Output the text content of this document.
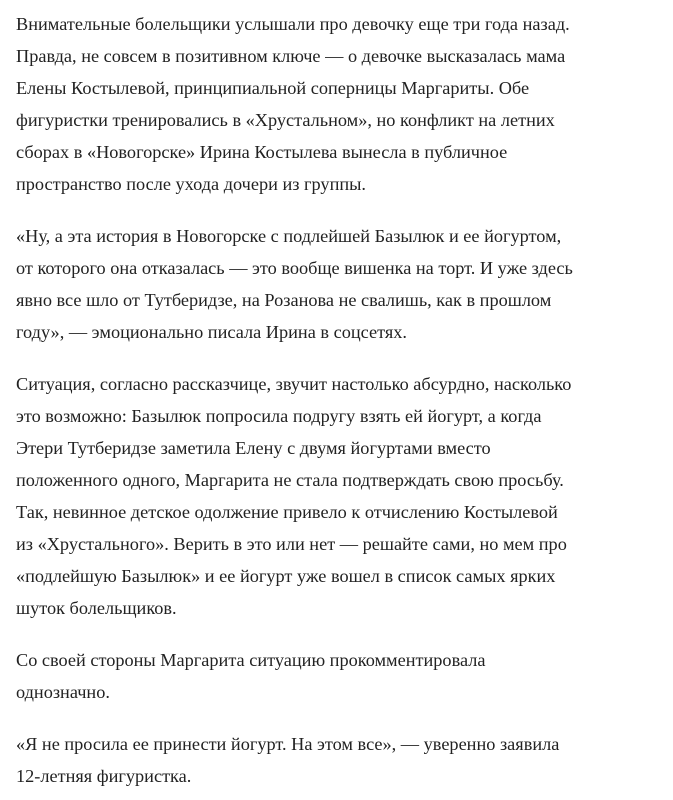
Внимательные болельщики услышали про девочку еще три года назад.
Правда, не совсем в позитивном ключе — о девочке высказалась мама
Елены Костылевой, принципиальной соперницы Маргариты. Обе
фигуристки тренировались в «Хрустальном», но конфликт на летних
сборах в «Новогорске» Ирина Костылева вынесла в публичное
пространство после ухода дочери из группы.

«Ну, а эта история в Новогорске с подлейшей Базылюк и ее йогуртом,
от которого она отказалась — это вообще вишенка на торт. И уже здесь
явно все шло от Тутберидзе, на Розанова не свалишь, как в прошлом
году», — эмоционально писала Ирина в соцсетях.

Ситуация, согласно рассказчице, звучит настолько абсурдно, насколько
это возможно: Базылюк попросила подругу взять ей йогурт, а когда
Этери Тутберидзе заметила Елену с двумя йогуртами вместо
положенного одного, Маргарита не стала подтверждать свою просьбу.
Так, невинное детское одолжение привело к отчислению Костылевой
из «Хрустального». Верить в это или нет — решайте сами, но мем про
«подлейшую Базылюк» и ее йогурт уже вошел в список самых ярких
шуток болельщиков.

Со своей стороны Маргарита ситуацию прокомментировала
однозначно.

«Я не просила ее принести йогурт. На этом все», — уверенно заявила
12-летняя фигуристка.
